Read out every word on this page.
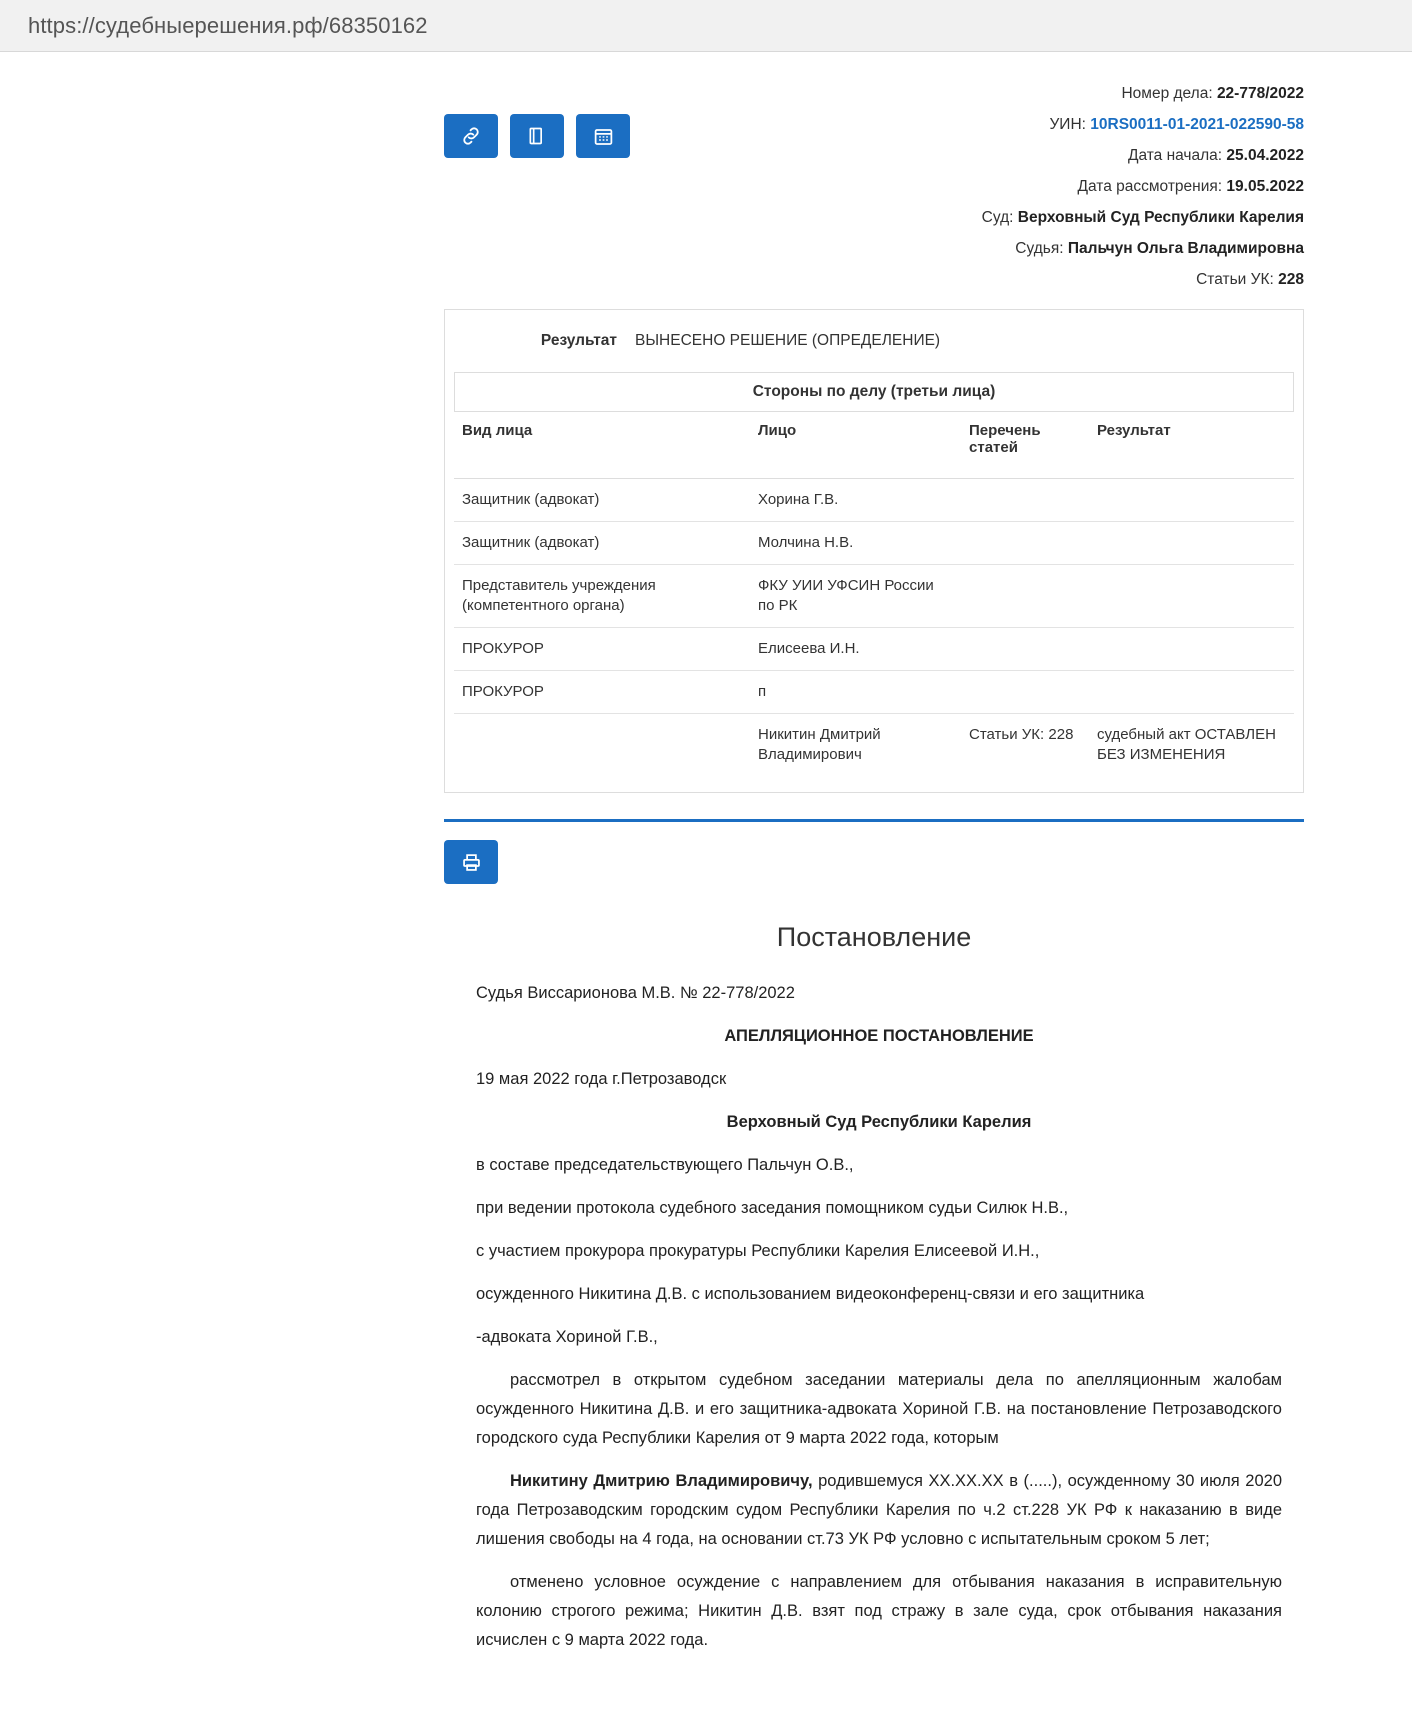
https://судебныерешения.рф/68350162
Номер дела: 22-778/2022
УИН: 10RS0011-01-2021-022590-58
Дата начала: 25.04.2022
Дата рассмотрения: 19.05.2022
Суд: Верховный Суд Республики Карелия
Судья: Пальчун Ольга Владимировна
Статьи УК: 228
Результат	ВЫНЕСЕНО РЕШЕНИЕ (ОПРЕДЕЛЕНИЕ)
Стороны по делу (третьи лица)
Вид лица	Лицо	Перечень статей	Результат
Защитник (адвокат)	Хорина Г.В.		
Защитник (адвокат)	Молчина Н.В.		
Представитель учреждения (компетентного органа)	ФКУ УИИ УФСИН России по РК		
ПРОКУРОР	Елисеева И.Н.		
ПРОКУРОР	п		
	Никитин Дмитрий Владимирович	Статьи УК: 228	судебный акт ОСТАВЛЕН БЕЗ ИЗМЕНЕНИЯ
Постановление

Судья Виссарионова М.В. № 22-778/2022

АПЕЛЛЯЦИОННОЕ ПОСТАНОВЛЕНИЕ

19 мая 2022 года г.Петрозаводск

Верховный Суд Республики Карелия

в составе председательствующего Пальчун О.В.,

при ведении протокола судебного заседания помощником судьи Силюк Н.В.,

с участием прокурора прокуратуры Республики Карелия Елисеевой И.Н.,

осужденного Никитина Д.В. с использованием видеоконференц-связи и его защитника

-адвоката Хориной Г.В.,

рассмотрел в открытом судебном заседании материалы дела по апелляционным жалобам осужденного Никитина Д.В. и его защитника-адвоката Хориной Г.В. на постановление Петрозаводского городского суда Республики Карелия от 9 марта 2022 года, которым

Никитину Дмитрию Владимировичу, родившемуся XX.XX.XX в (.....), осужденному 30 июля 2020 года Петрозаводским городским судом Республики Карелия по ч.2 ст.228 УК РФ к наказанию в виде лишения свободы на 4 года, на основании ст.73 УК РФ условно с испытательным сроком 5 лет;

отменено условное осуждение с направлением для отбывания наказания в исправительную колонию строгого режима; Никитин Д.В. взят под стражу в зале суда, срок отбывания наказания исчислен с 9 марта 2022 года.
